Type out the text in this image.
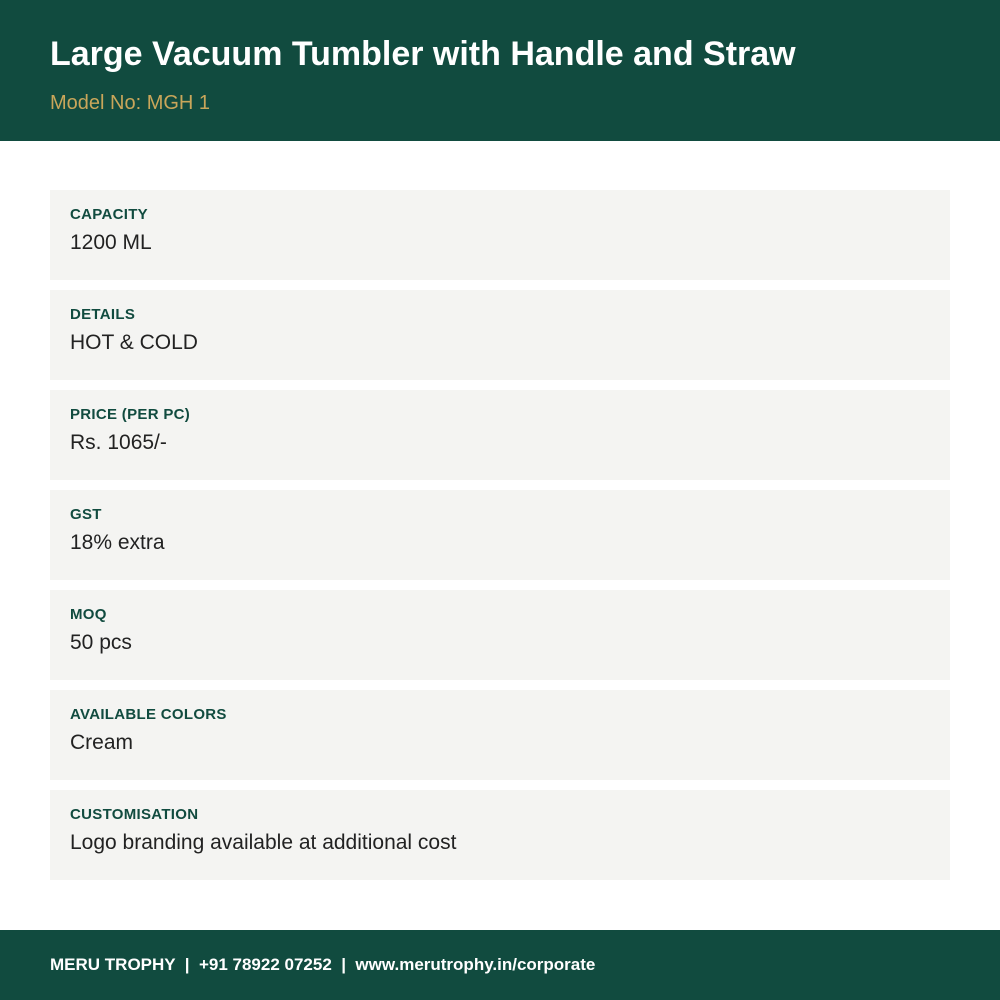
Large Vacuum Tumbler with Handle and Straw
Model No: MGH 1
CAPACITY
1200 ML
DETAILS
HOT & COLD
PRICE (PER PC)
Rs. 1065/-
GST
18% extra
MOQ
50 pcs
AVAILABLE COLORS
Cream
CUSTOMISATION
Logo branding available at additional cost
MERU TROPHY  |  +91 78922 07252  |  www.merutrophy.in/corporate
